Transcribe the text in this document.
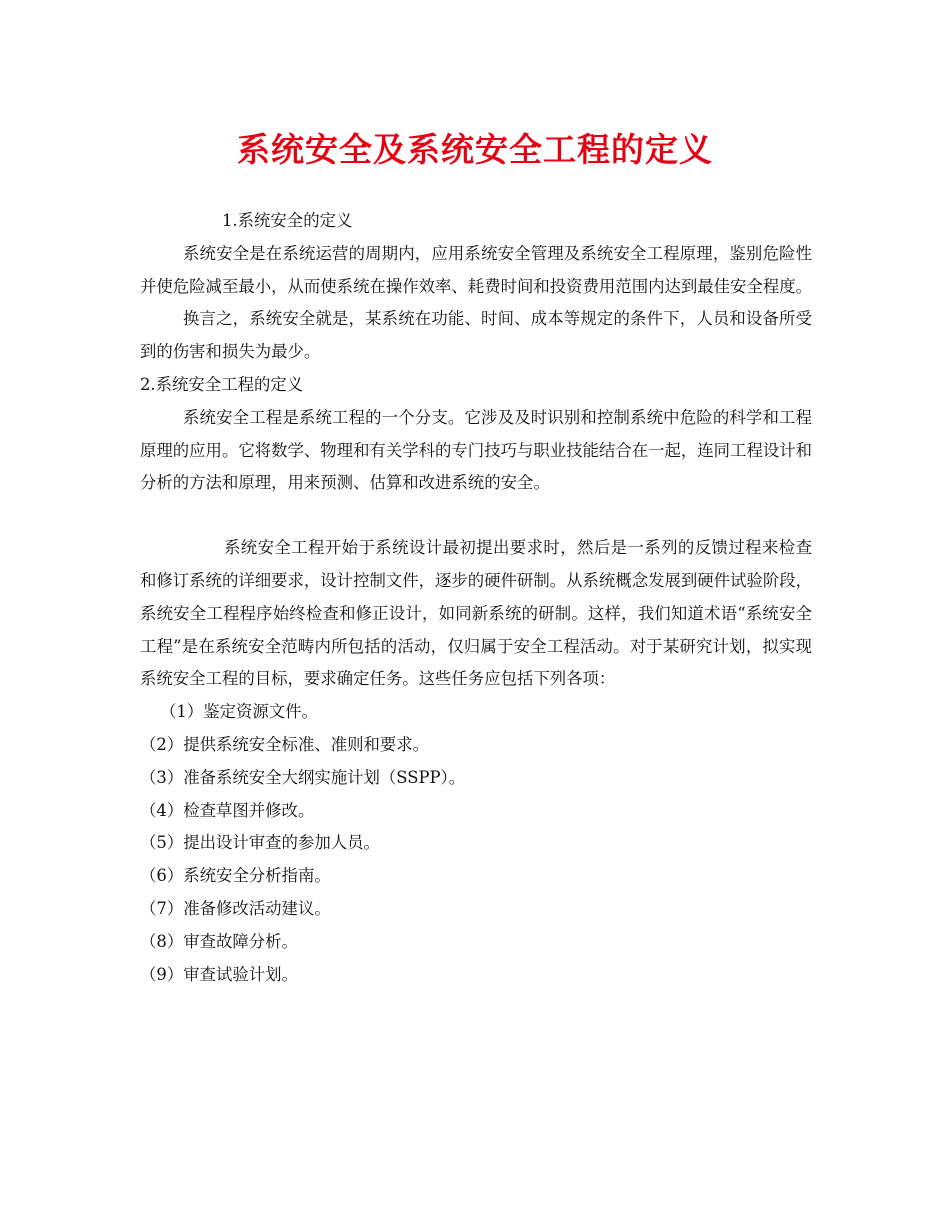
系统安全及系统安全工程的定义

1.系统安全的定义

系统安全是在系统运营的周期内，应用系统安全管理及系统安全工程原理，鉴别危险性并使危险减至最小，从而使系统在操作效率、耗费时间和投资费用范围内达到最佳安全程度。

换言之，系统安全就是，某系统在功能、时间、成本等规定的条件下，人员和设备所受到的伤害和损失为最少。

2.系统安全工程的定义

系统安全工程是系统工程的一个分支。它涉及及时识别和控制系统中危险的科学和工程原理的应用。它将数学、物理和有关学科的专门技巧与职业技能结合在一起，连同工程设计和分析的方法和原理，用来预测、估算和改进系统的安全。

系统安全工程开始于系统设计最初提出要求时，然后是一系列的反馈过程来检查和修订系统的详细要求，设计控制文件，逐步的硬件研制。从系统概念发展到硬件试验阶段，系统安全工程程序始终检查和修正设计，如同新系统的研制。这样，我们知道术语“系统安全工程”是在系统安全范畴内所包括的活动，仅归属于安全工程活动。对于某研究计划，拟实现系统安全工程的目标，要求确定任务。这些任务应包括下列各项：

（1）鉴定资源文件。

（2）提供系统安全标准、准则和要求。

（3）准备系统安全大纲实施计划（SSPP）。

（4）检查草图并修改。

（5）提出设计审查的参加人员。

（6）系统安全分析指南。

（7）准备修改活动建议。

（8）审查故障分析。

（9）审查试验计划。
